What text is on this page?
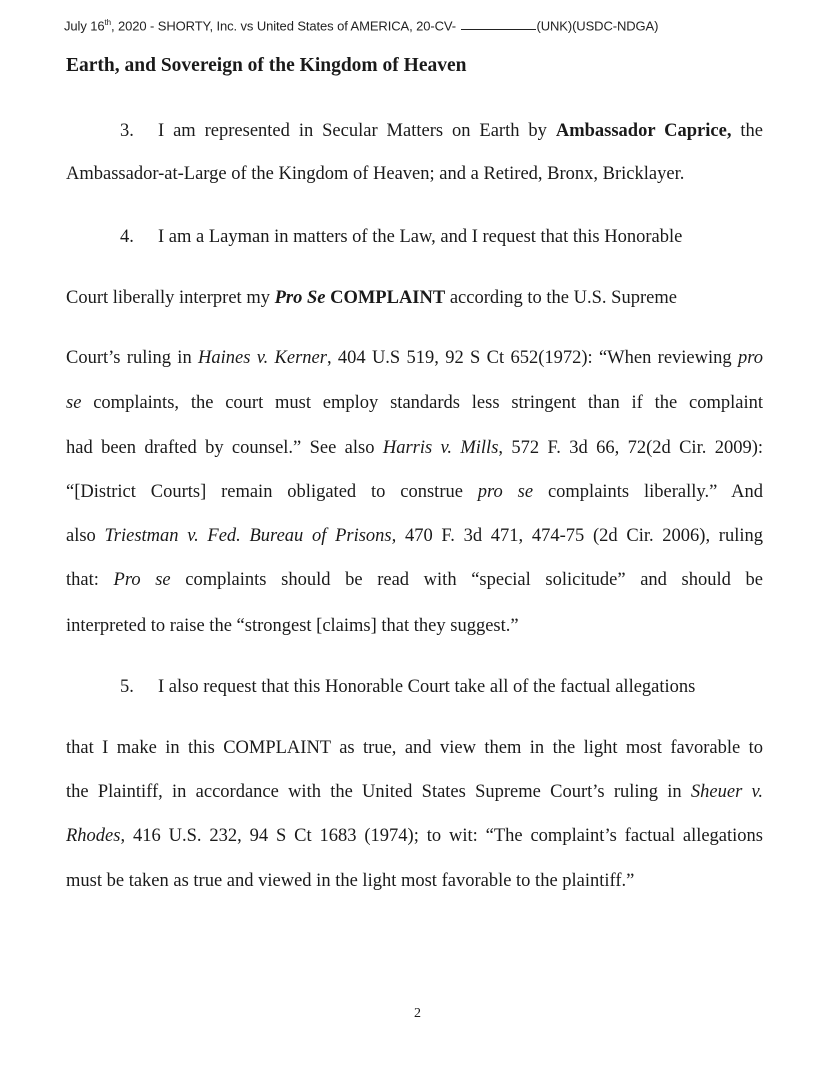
July 16th, 2020 - SHORTY, Inc. vs United States of AMERICA, 20-CV-	(UNK)(USDC-NDGA)
Earth, and Sovereign of the Kingdom of Heaven
3. I am represented in Secular Matters on Earth by Ambassador Caprice, the
Ambassador-at-Large of the Kingdom of Heaven; and a Retired, Bronx, Bricklayer.
4. I am a Layman in matters of the Law, and I request that this Honorable
Court liberally interpret my Pro Se COMPLAINT according to the U.S. Supreme
Court’s ruling in Haines v. Kerner, 404 U.S 519, 92 S Ct 652(1972): “When reviewing pro
se complaints, the court must employ standards less stringent than if the complaint
had been drafted by counsel.” See also Harris v. Mills, 572 F. 3d 66, 72(2d Cir. 2009):
“[District Courts] remain obligated to construe pro se complaints liberally.” And
also Triestman v. Fed. Bureau of Prisons, 470 F. 3d 471, 474-75 (2d Cir. 2006), ruling
that: Pro se complaints should be read with “special solicitude” and should be
interpreted to raise the “strongest [claims] that they suggest.”
5. I also request that this Honorable Court take all of the factual allegations
that I make in this COMPLAINT as true, and view them in the light most favorable to
the Plaintiff, in accordance with the United States Supreme Court’s ruling in Sheuer v.
Rhodes, 416 U.S. 232, 94 S Ct 1683 (1974); to wit: “The complaint’s factual allegations
must be taken as true and viewed in the light most favorable to the plaintiff.”
2
